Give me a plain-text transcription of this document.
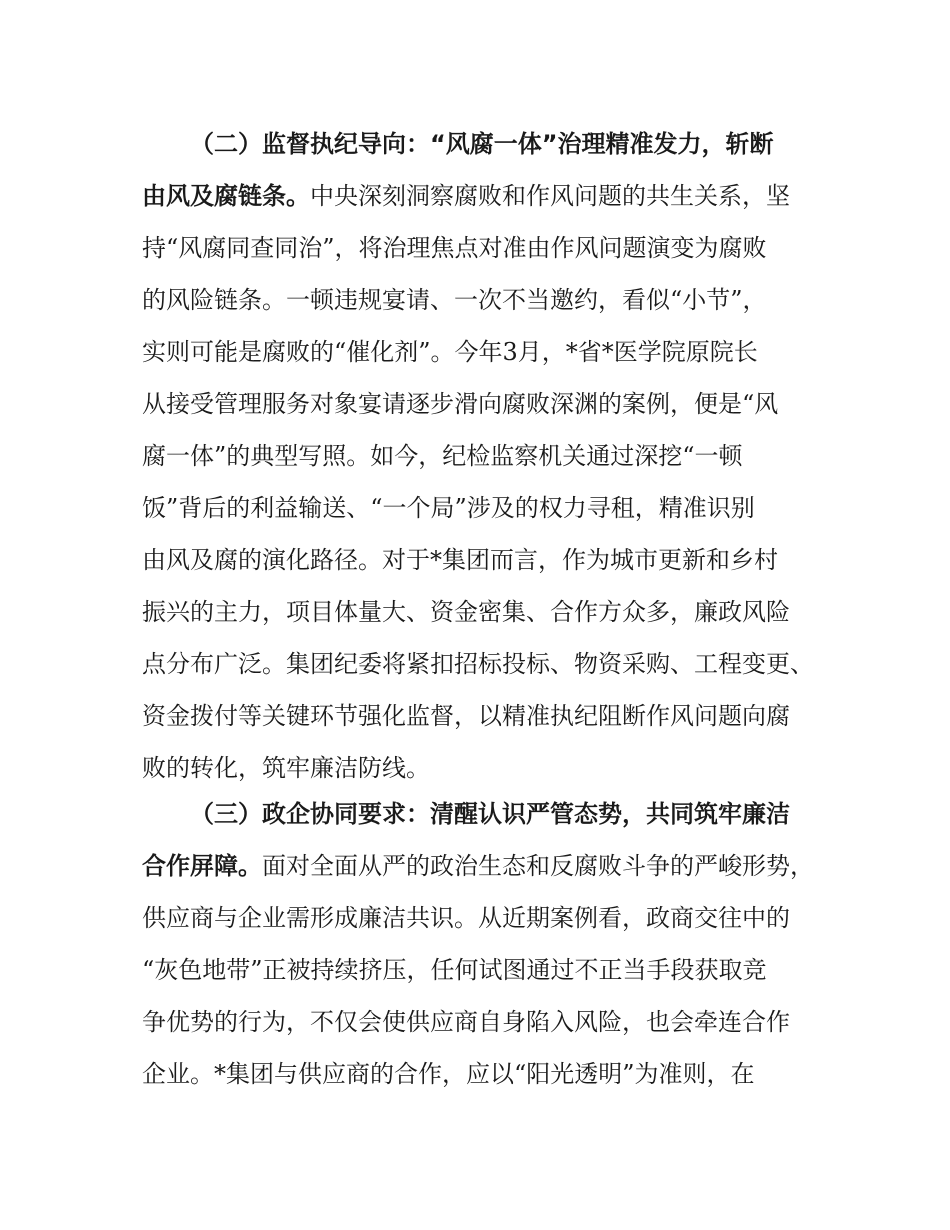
（二）监督执纪导向：“风腐一体”治理精准发力，斩断
由风及腐链条。中央深刻洞察腐败和作风问题的共生关系，坚
持“风腐同查同治”，将治理焦点对准由作风问题演变为腐败
的风险链条。一顿违规宴请、一次不当邀约，看似“小节”，
实则可能是腐败的“催化剂”。今年3月，*省*医学院原院长
从接受管理服务对象宴请逐步滑向腐败深渊的案例，便是“风
腐一体”的典型写照。如今，纪检监察机关通过深挖“一顿
饭”背后的利益输送、“一个局”涉及的权力寻租，精准识别
由风及腐的演化路径。对于*集团而言，作为城市更新和乡村
振兴的主力，项目体量大、资金密集、合作方众多，廉政风险
点分布广泛。集团纪委将紧扣招标投标、物资采购、工程变更、
资金拨付等关键环节强化监督，以精准执纪阻断作风问题向腐
败的转化，筑牢廉洁防线。
（三）政企协同要求：清醒认识严管态势，共同筑牢廉洁
合作屏障。面对全面从严的政治生态和反腐败斗争的严峻形势，
供应商与企业需形成廉洁共识。从近期案例看，政商交往中的
“灰色地带”正被持续挤压，任何试图通过不正当手段获取竞
争优势的行为，不仅会使供应商自身陷入风险，也会牵连合作
企业。*集团与供应商的合作，应以“阳光透明”为准则，在
